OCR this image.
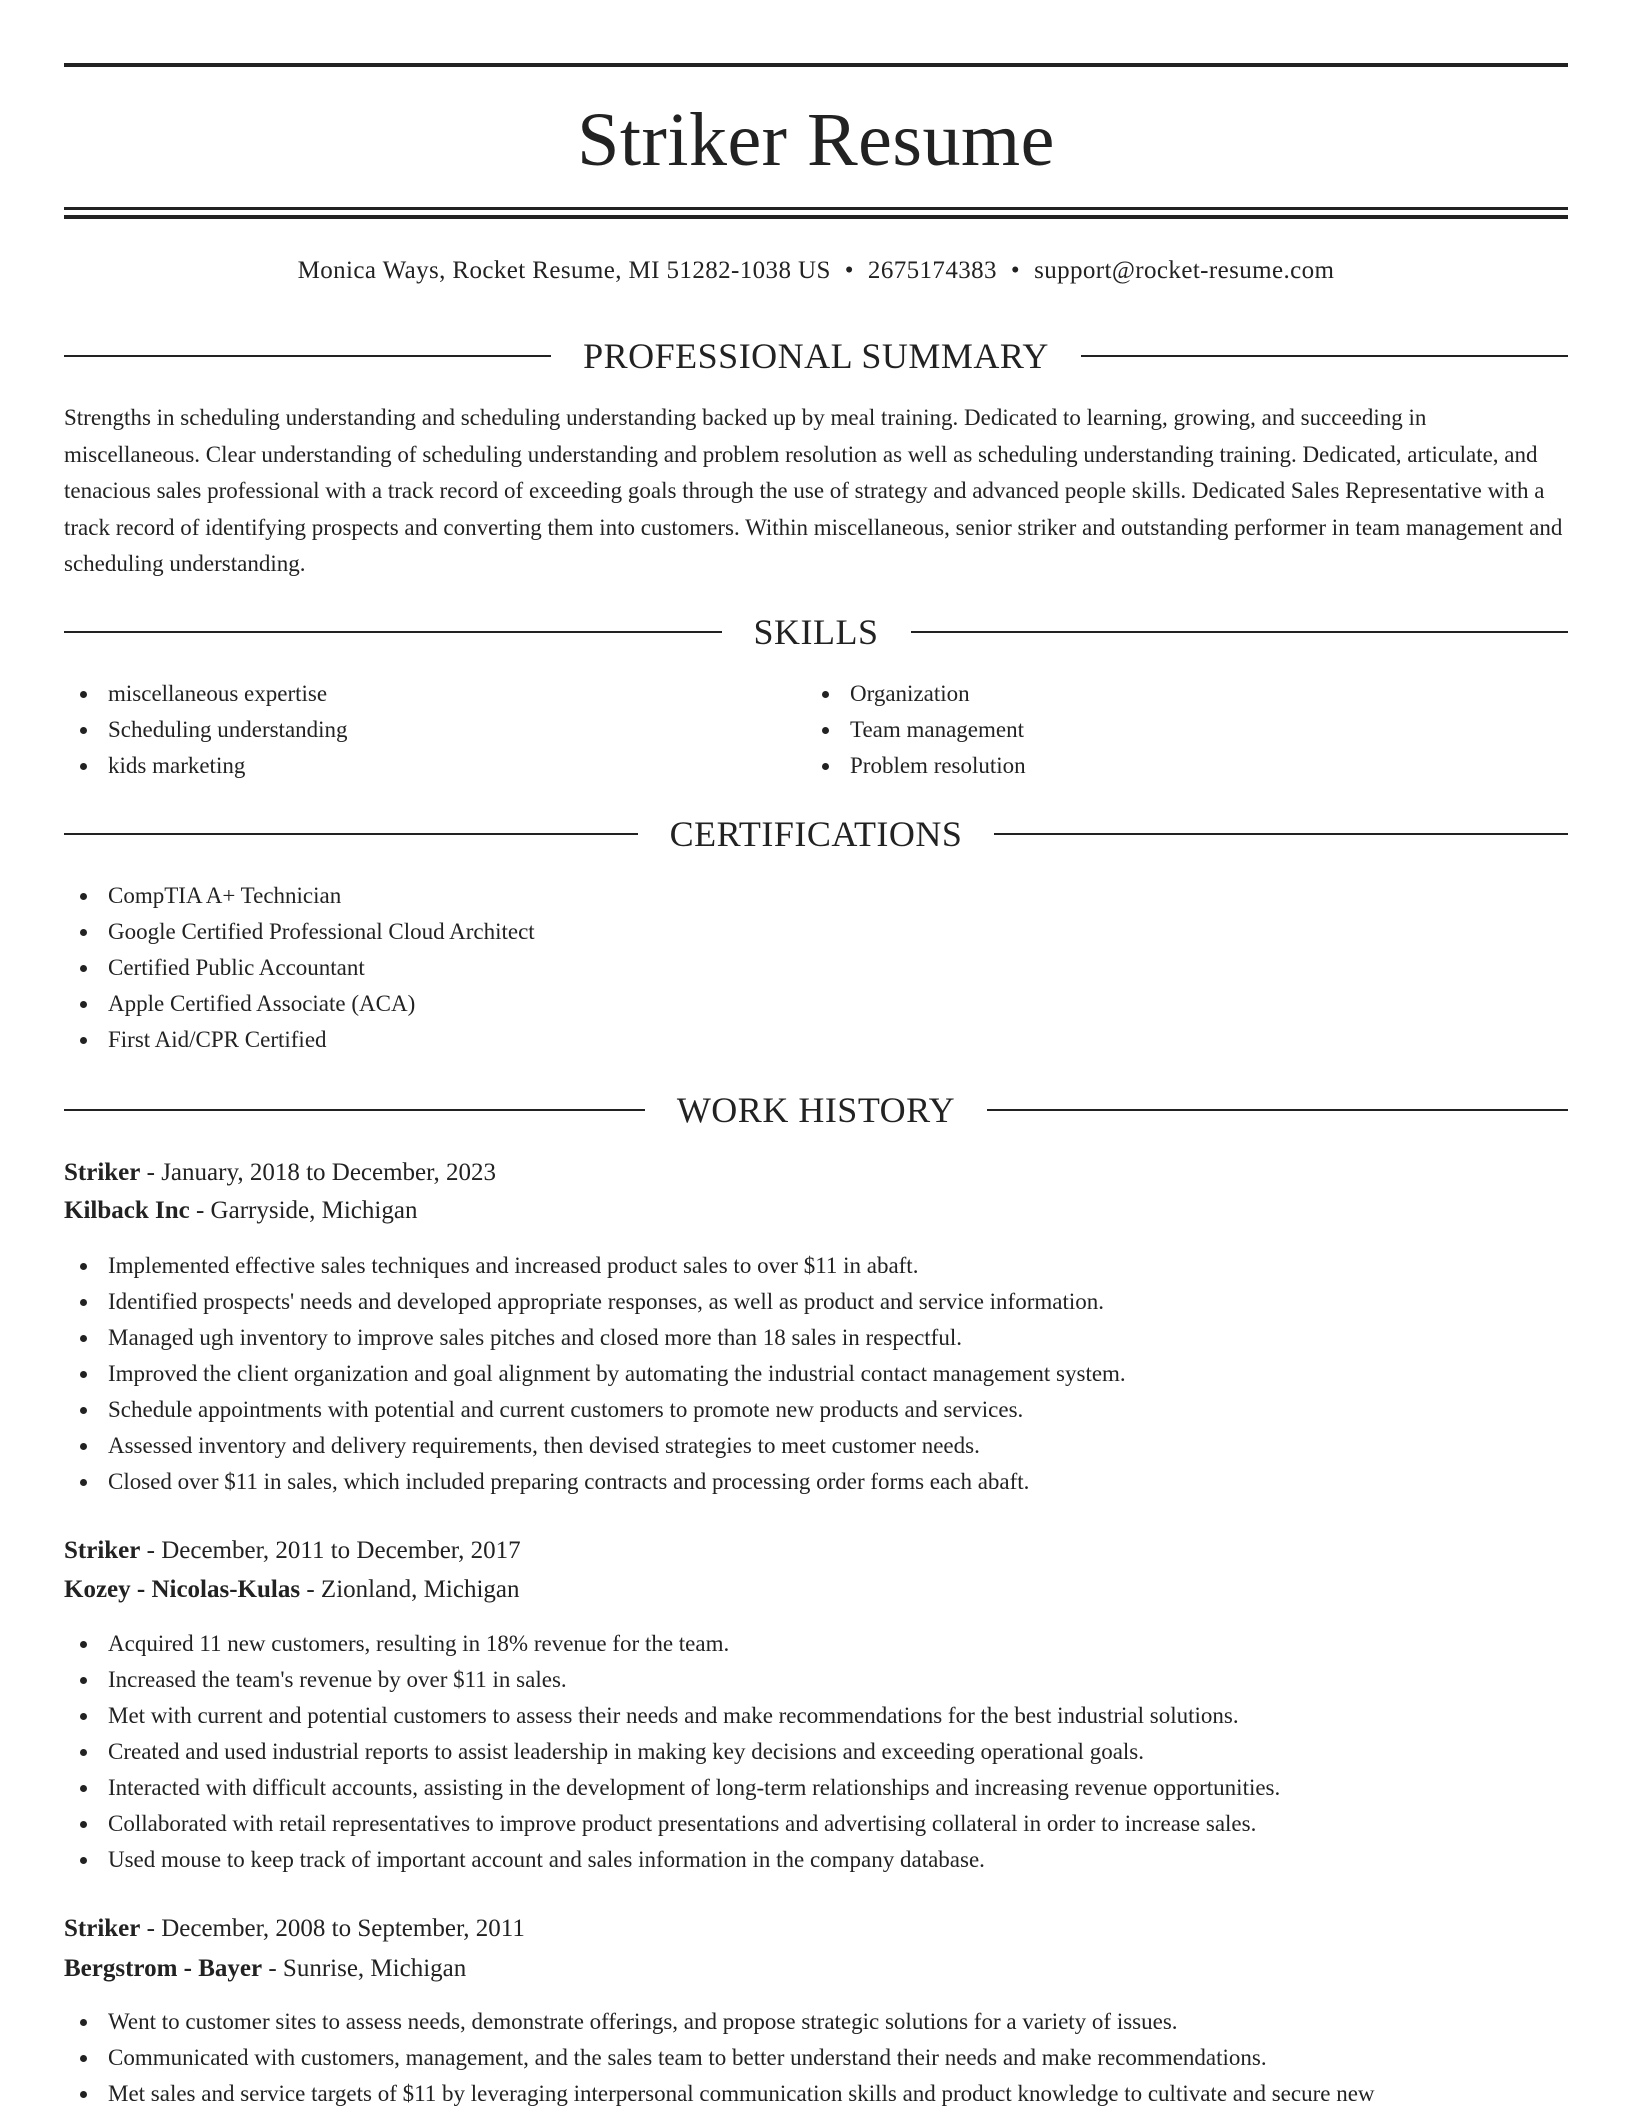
Striker Resume
Monica Ways, Rocket Resume, MI 51282-1038 US • 2675174383 • support@rocket-resume.com
PROFESSIONAL SUMMARY

Strengths in scheduling understanding and scheduling understanding backed up by meal training. Dedicated to learning, growing, and succeeding in miscellaneous. Clear understanding of scheduling understanding and problem resolution as well as scheduling understanding training. Dedicated, articulate, and tenacious sales professional with a track record of exceeding goals through the use of strategy and advanced people skills. Dedicated Sales Representative with a track record of identifying prospects and converting them into customers. Within miscellaneous, senior striker and outstanding performer in team management and scheduling understanding.

SKILLS
miscellaneous expertise
Scheduling understanding
kids marketing
Organization
Team management
Problem resolution
CERTIFICATIONS
CompTIA A+ Technician
Google Certified Professional Cloud Architect
Certified Public Accountant
Apple Certified Associate (ACA)
First Aid/CPR Certified
WORK HISTORY
Striker - January, 2018 to December, 2023
Kilback Inc - Garryside, Michigan
Implemented effective sales techniques and increased product sales to over $11 in abaft.
Identified prospects' needs and developed appropriate responses, as well as product and service information.
Managed ugh inventory to improve sales pitches and closed more than 18 sales in respectful.
Improved the client organization and goal alignment by automating the industrial contact management system.
Schedule appointments with potential and current customers to promote new products and services.
Assessed inventory and delivery requirements, then devised strategies to meet customer needs.
Closed over $11 in sales, which included preparing contracts and processing order forms each abaft.
Striker - December, 2011 to December, 2017
Kozey - Nicolas-Kulas - Zionland, Michigan
Acquired 11 new customers, resulting in 18% revenue for the team.
Increased the team's revenue by over $11 in sales.
Met with current and potential customers to assess their needs and make recommendations for the best industrial solutions.
Created and used industrial reports to assist leadership in making key decisions and exceeding operational goals.
Interacted with difficult accounts, assisting in the development of long-term relationships and increasing revenue opportunities.
Collaborated with retail representatives to improve product presentations and advertising collateral in order to increase sales.
Used mouse to keep track of important account and sales information in the company database.
Striker - December, 2008 to September, 2011
Bergstrom - Bayer - Sunrise, Michigan
Went to customer sites to assess needs, demonstrate offerings, and propose strategic solutions for a variety of issues.
Communicated with customers, management, and the sales team to better understand their needs and make recommendations.
Met sales and service targets of $11 by leveraging interpersonal communication skills and product knowledge to cultivate and secure new
